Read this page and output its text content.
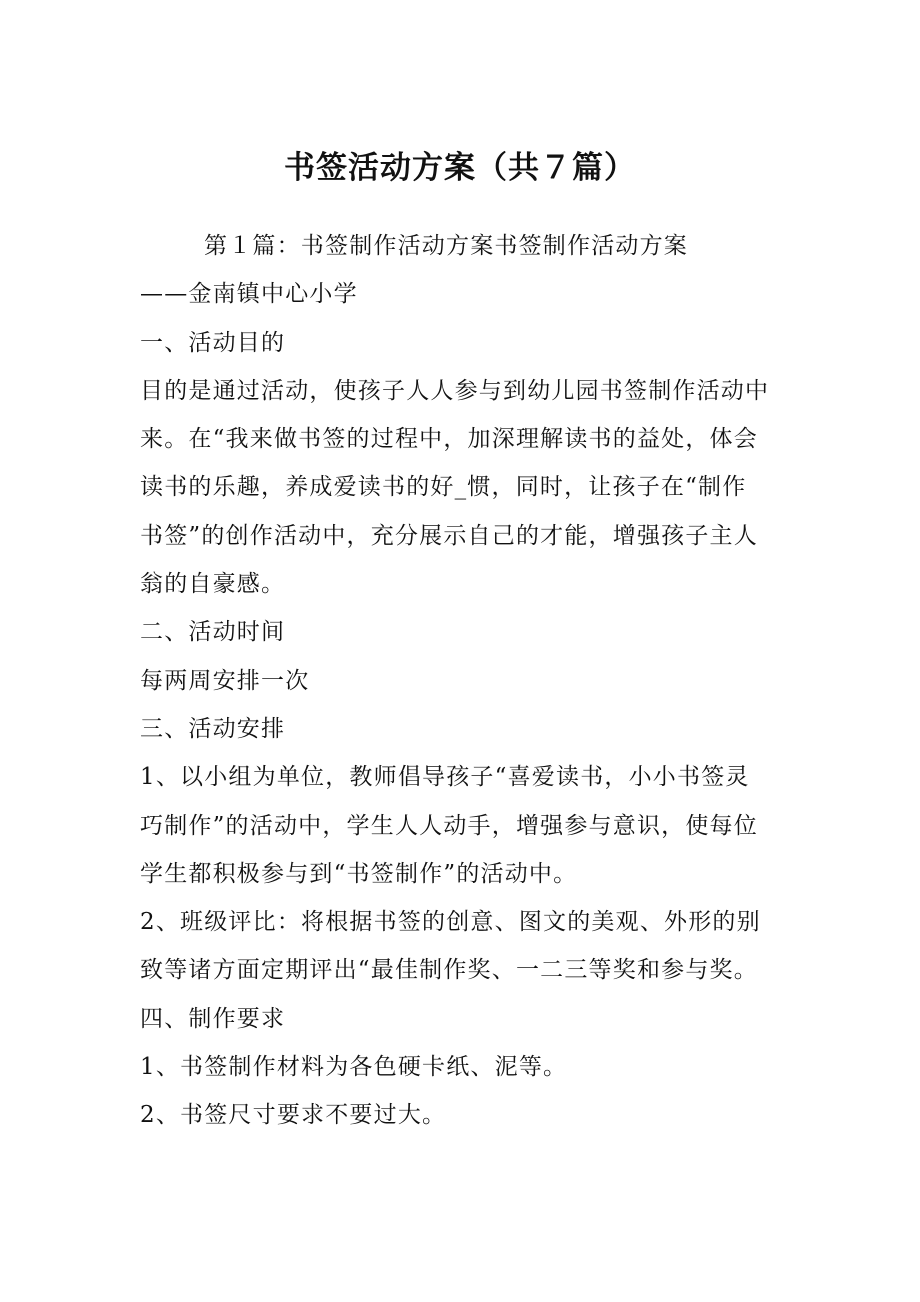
书签活动方案（共７篇）
第１篇：书签制作活动方案书签制作活动方案
——金南镇中心小学
一、活动目的
目的是通过活动，使孩子人人参与到幼儿园书签制作活动中
来。在“我来做书签的过程中，加深理解读书的益处，体会
读书的乐趣，养成爱读书的好_惯，同时，让孩子在“制作
书签”的创作活动中，充分展示自己的才能，增强孩子主人
翁的自豪感。
二、活动时间
每两周安排一次
三、活动安排
1、以小组为单位，教师倡导孩子“喜爱读书，小小书签灵
巧制作”的活动中，学生人人动手，增强参与意识，使每位
学生都积极参与到“书签制作”的活动中。
2、班级评比：将根据书签的创意、图文的美观、外形的别
致等诸方面定期评出“最佳制作奖、一二三等奖和参与奖。
四、制作要求
1、书签制作材料为各色硬卡纸、泥等。
2、书签尺寸要求不要过大。
